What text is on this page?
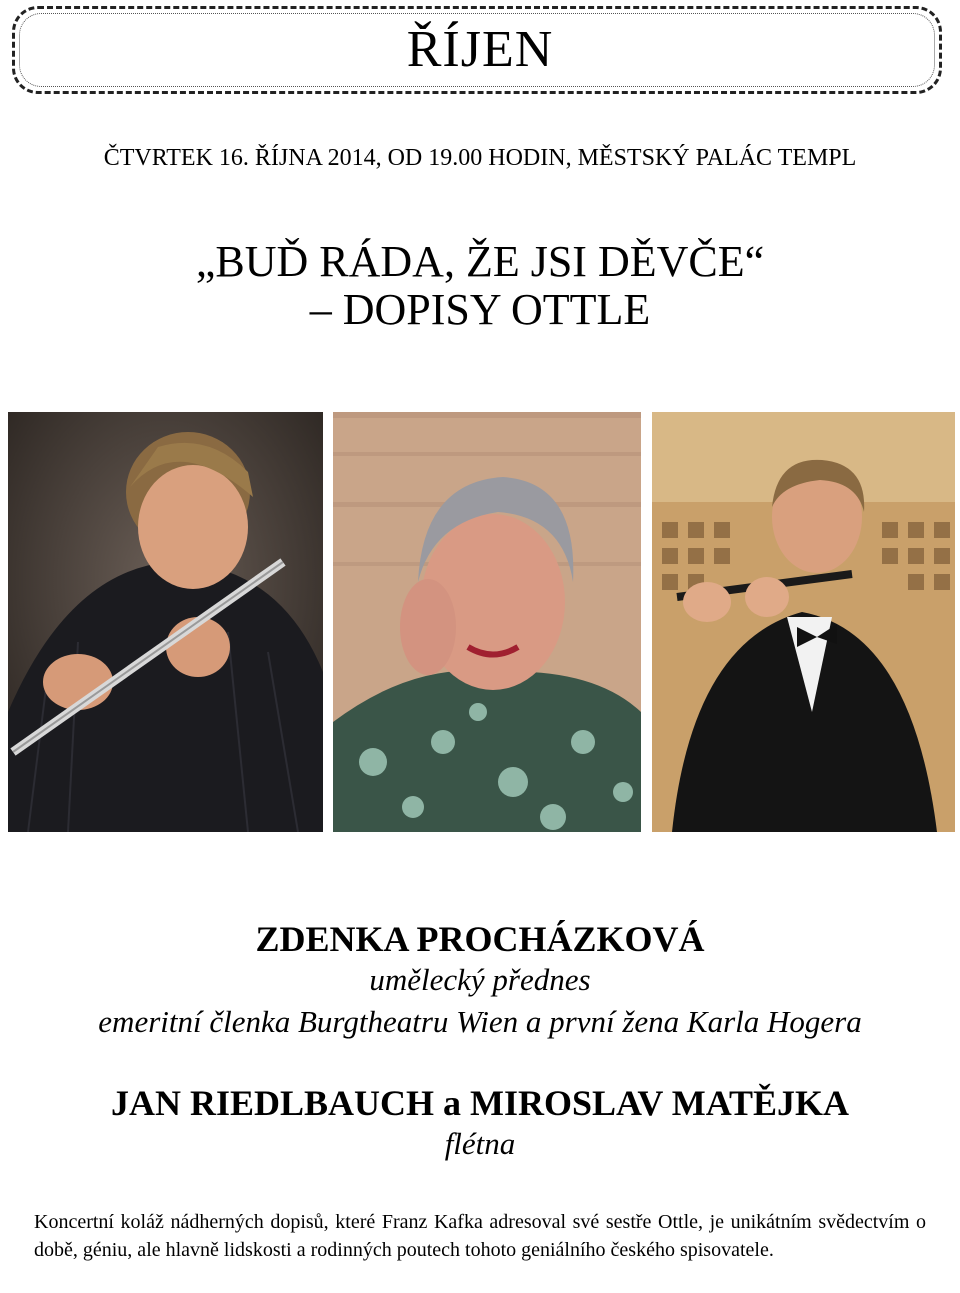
ŘÍJEN
ČTVRTEK 16. ŘÍJNA 2014, OD 19.00 HODIN, MĚSTSKÝ PALÁC TEMPL
„BUĎ RÁDA, ŽE JSI DĚVČE“
– DOPISY OTTLE
ZDENKA PROCHÁZKOVÁ
umělecký přednes
emeritní členka Burgtheatru Wien a první žena Karla Hogera
JAN RIEDLBAUCH a MIROSLAV MATĚJKA
flétna
Koncertní koláž nádherných dopisů, které Franz Kafka adresoval své sestře Ottle, je unikátním svědectvím o době, géniu, ale hlavně lidskosti a rodinných poutech tohoto geniálního českého spisovatele.
